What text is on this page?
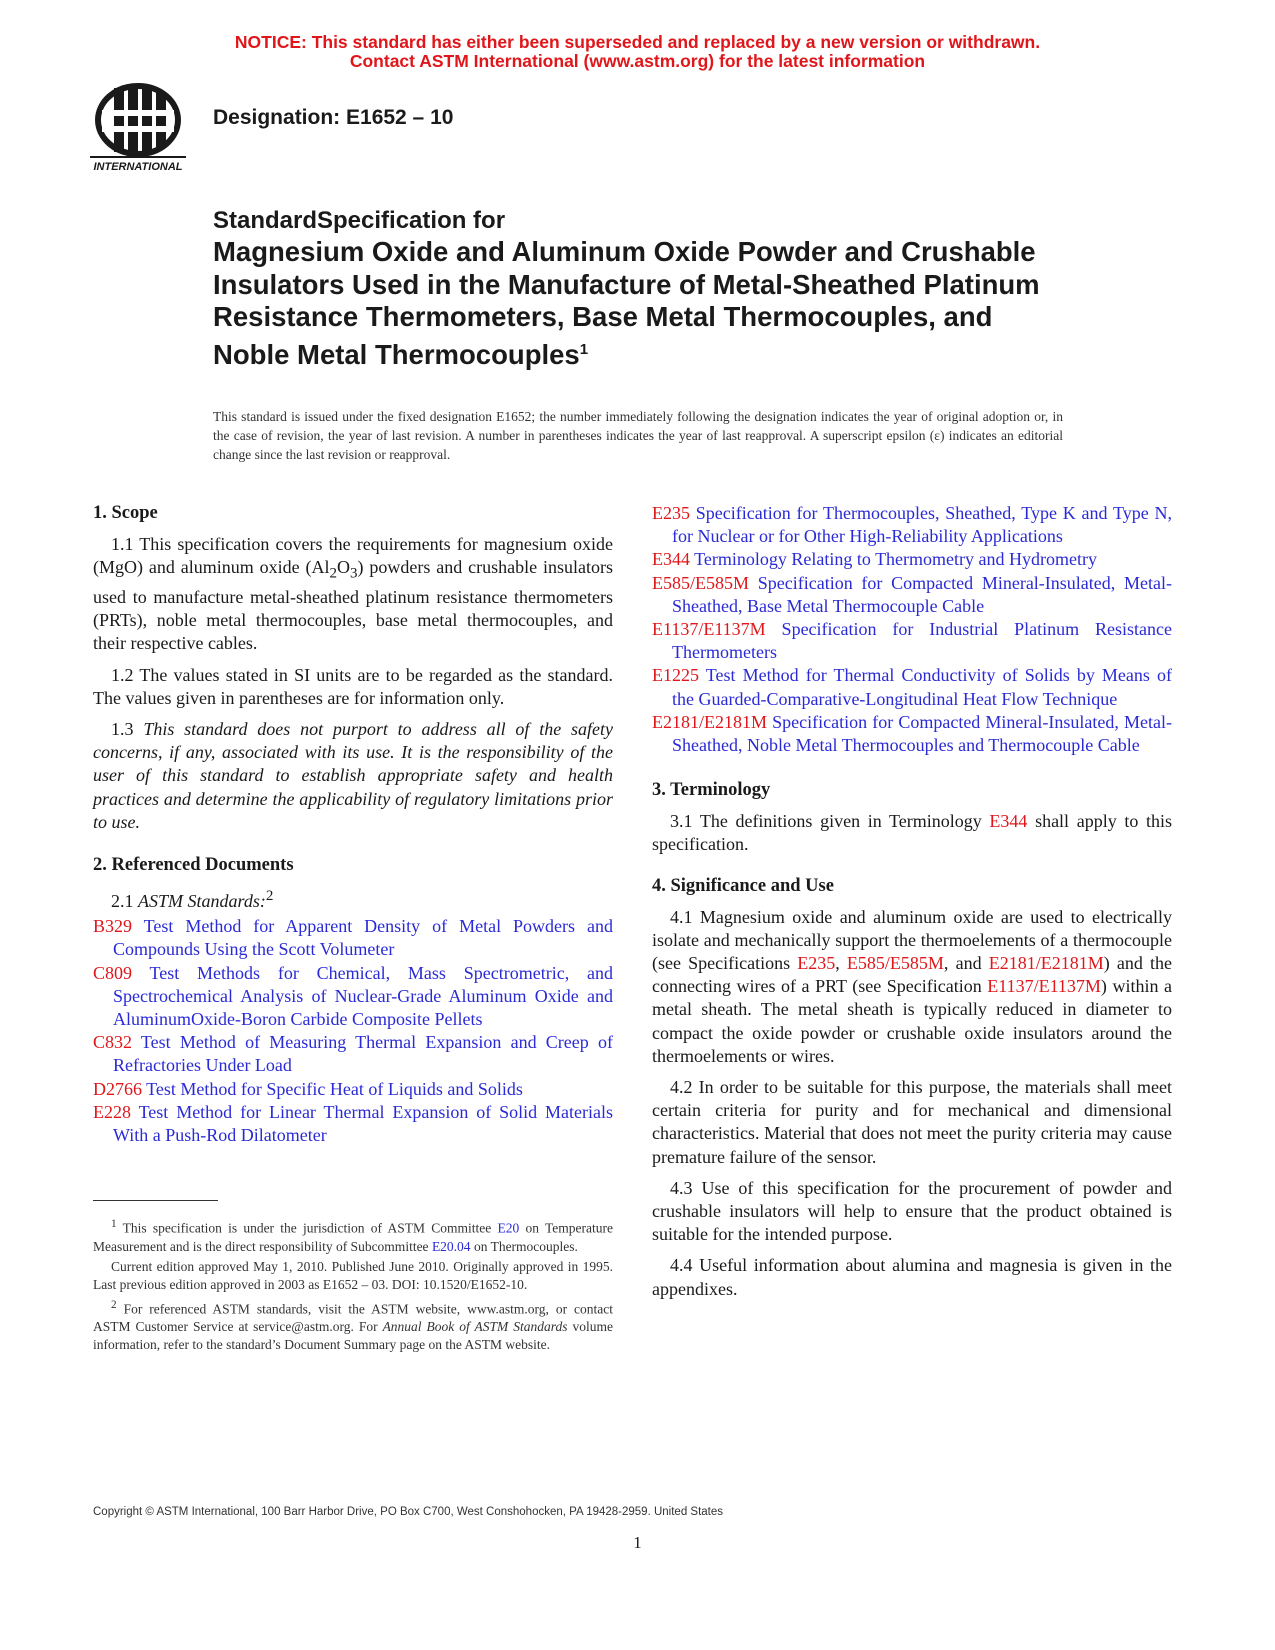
NOTICE: This standard has either been superseded and replaced by a new version or withdrawn.
Contact ASTM International (www.astm.org) for the latest information
INTERNATIONAL
Designation: E1652 – 10
StandardSpecification for
Magnesium Oxide and Aluminum Oxide Powder and Crushable Insulators Used in the Manufacture of Metal-Sheathed Platinum Resistance Thermometers, Base Metal Thermocouples, and Noble Metal Thermocouples$^1$
This standard is issued under the fixed designation E1652; the number immediately following the designation indicates the year of original adoption or, in the case of revision, the year of last revision. A number in parentheses indicates the year of last reapproval. A superscript epsilon (ε) indicates an editorial change since the last revision or reapproval.
1. Scope

1.1 This specification covers the requirements for magnesium oxide (MgO) and aluminum oxide $(Al_2O_3)$ powders and crushable insulators used to manufacture metal-sheathed platinum resistance thermometers (PRTs), noble metal thermocouples, base metal thermocouples, and their respective cables.

1.2 The values stated in SI units are to be regarded as the standard. The values given in parentheses are for information only.

1.3 This standard does not purport to address all of the safety concerns, if any, associated with its use. It is the responsibility of the user of this standard to establish appropriate safety and health practices and determine the applicability of regulatory limitations prior to use.

2. Referenced Documents

2.1 ASTM Standards:$^2$

B329 Test Method for Apparent Density of Metal Powders and Compounds Using the Scott Volumeter

C809 Test Methods for Chemical, Mass Spectrometric, and Spectrochemical Analysis of Nuclear-Grade Aluminum Oxide and AluminumOxide-Boron Carbide Composite Pellets

C832 Test Method of Measuring Thermal Expansion and Creep of Refractories Under Load

D2766 Test Method for Specific Heat of Liquids and Solids

E228 Test Method for Linear Thermal Expansion of Solid Materials With a Push-Rod Dilatometer

E235 Specification for Thermocouples, Sheathed, Type K and Type N, for Nuclear or for Other High-Reliability Applications

E344 Terminology Relating to Thermometry and Hydrometry

E585/E585M Specification for Compacted Mineral-Insulated, Metal-Sheathed, Base Metal Thermocouple Cable

E1137/E1137M Specification for Industrial Platinum Resistance Thermometers

E1225 Test Method for Thermal Conductivity of Solids by Means of the Guarded-Comparative-Longitudinal Heat Flow Technique

E2181/E2181M Specification for Compacted Mineral-Insulated, Metal-Sheathed, Noble Metal Thermocouples and Thermocouple Cable

3. Terminology

3.1 The definitions given in Terminology E344 shall apply to this specification.

4. Significance and Use

4.1 Magnesium oxide and aluminum oxide are used to electrically isolate and mechanically support the thermoelements of a thermocouple (see Specifications E235, E585/E585M, and E2181/E2181M) and the connecting wires of a PRT (see Specification E1137/E1137M) within a metal sheath. The metal sheath is typically reduced in diameter to compact the oxide powder or crushable oxide insulators around the thermoelements or wires.

4.2 In order to be suitable for this purpose, the materials shall meet certain criteria for purity and for mechanical and dimensional characteristics. Material that does not meet the purity criteria may cause premature failure of the sensor.

4.3 Use of this specification for the procurement of powder and crushable insulators will help to ensure that the product obtained is suitable for the intended purpose.

4.4 Useful information about alumina and magnesia is given in the appendixes.

$^1$ This specification is under the jurisdiction of ASTM Committee E20 on Temperature Measurement and is the direct responsibility of Subcommittee E20.04 on Thermocouples.

Current edition approved May 1, 2010. Published June 2010. Originally approved in 1995. Last previous edition approved in 2003 as E1652 – 03. DOI: 10.1520/E1652-10.

$^2$ For referenced ASTM standards, visit the ASTM website, www.astm.org, or contact ASTM Customer Service at service@astm.org. For Annual Book of ASTM Standards volume information, refer to the standard’s Document Summary page on the ASTM website.

Copyright © ASTM International, 100 Barr Harbor Drive, PO Box C700, West Conshohocken, PA 19428-2959. United States
1
